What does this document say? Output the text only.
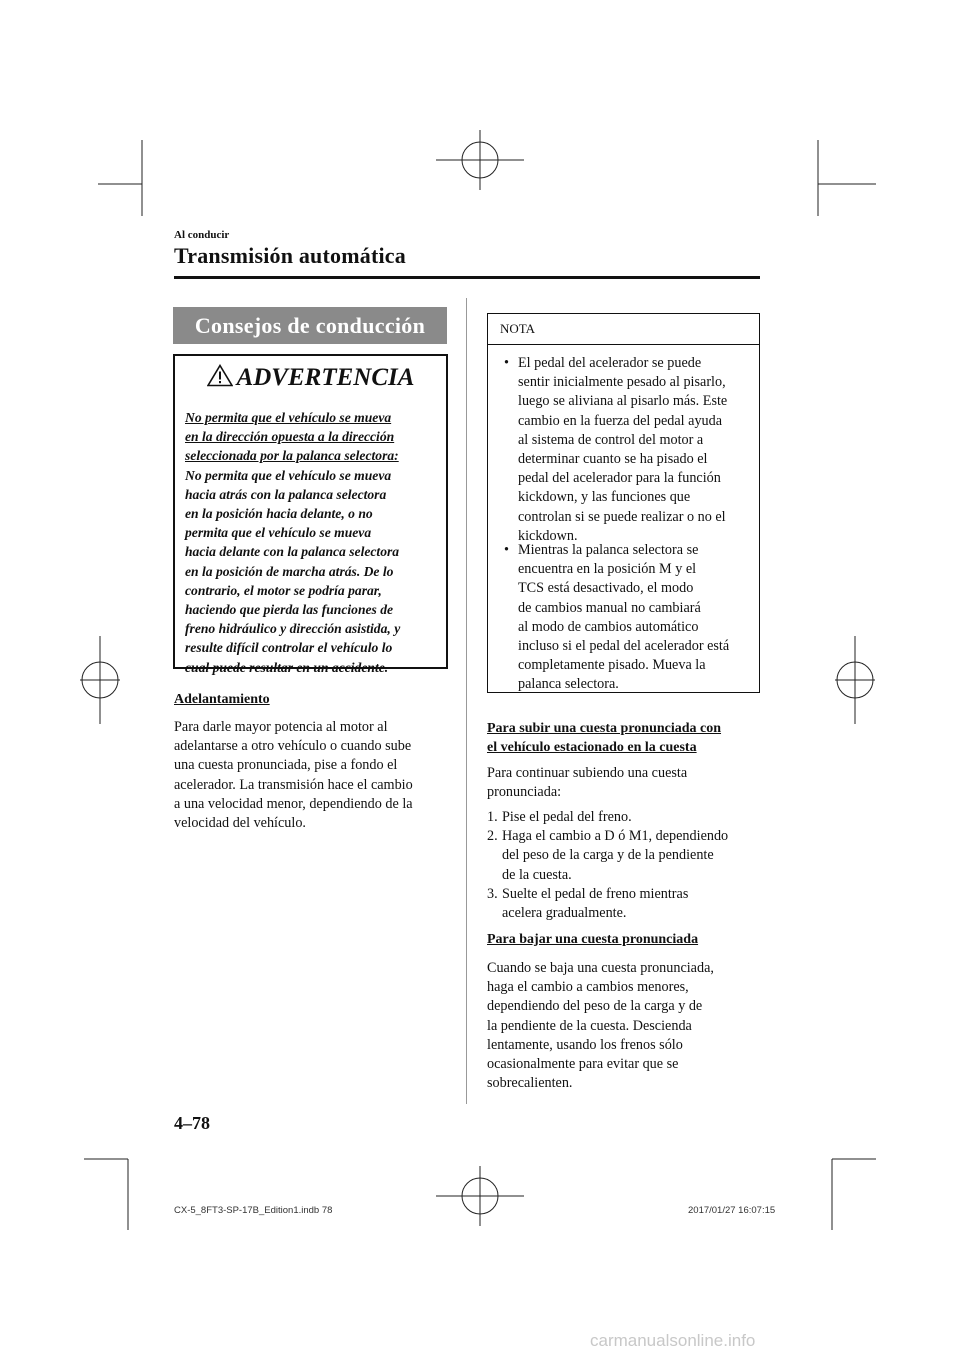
Al conducir
Transmisión automática
Consejos de conducción
ADVERTENCIA
No permita que el vehículo se mueva
en la dirección opuesta a la dirección
seleccionada por la palanca selectora:
No permita que el vehículo se mueva
hacia atrás con la palanca selectora
en la posición hacia delante, o no
permita que el vehículo se mueva
hacia delante con la palanca selectora
en la posición de marcha atrás. De lo
contrario, el motor se podría parar,
haciendo que pierda las funciones de
freno hidráulico y dirección asistida, y
resulte difícil controlar el vehículo lo
cual puede resultar en un accidente.
Adelantamiento
Para darle mayor potencia al motor al
adelantarse a otro vehículo o cuando sube
una cuesta pronunciada, pise a fondo el
acelerador. La transmisión hace el cambio
a una velocidad menor, dependiendo de la
velocidad del vehículo.
NOTA
• El pedal del acelerador se puede
sentir inicialmente pesado al pisarlo,
luego se aliviana al pisarlo más. Este
cambio en la fuerza del pedal ayuda
al sistema de control del motor a
determinar cuanto se ha pisado el
pedal del acelerador para la función
kickdown, y las funciones que
controlan si se puede realizar o no el
kickdown.
• Mientras la palanca selectora se
encuentra en la posición M y el
TCS está desactivado, el modo
de cambios manual no cambiará
al modo de cambios automático
incluso si el pedal del acelerador está
completamente pisado. Mueva la
palanca selectora.
Para subir una cuesta pronunciada con
el vehículo estacionado en la cuesta
Para continuar subiendo una cuesta
pronunciada:
1. Pise el pedal del freno.
2. Haga el cambio a D ó M1, dependiendo
del peso de la carga y de la pendiente
de la cuesta.
3. Suelte el pedal de freno mientras
acelera gradualmente.
Para bajar una cuesta pronunciada
Cuando se baja una cuesta pronunciada,
haga el cambio a cambios menores,
dependiendo del peso de la carga y de
la pendiente de la cuesta. Descienda
lentamente, usando los frenos sólo
ocasionalmente para evitar que se
sobrecalienten.
4–78
CX-5_8FT3-SP-17B_Edition1.indb 78	2017/01/27 16:07:15
carmanualsonline.info
